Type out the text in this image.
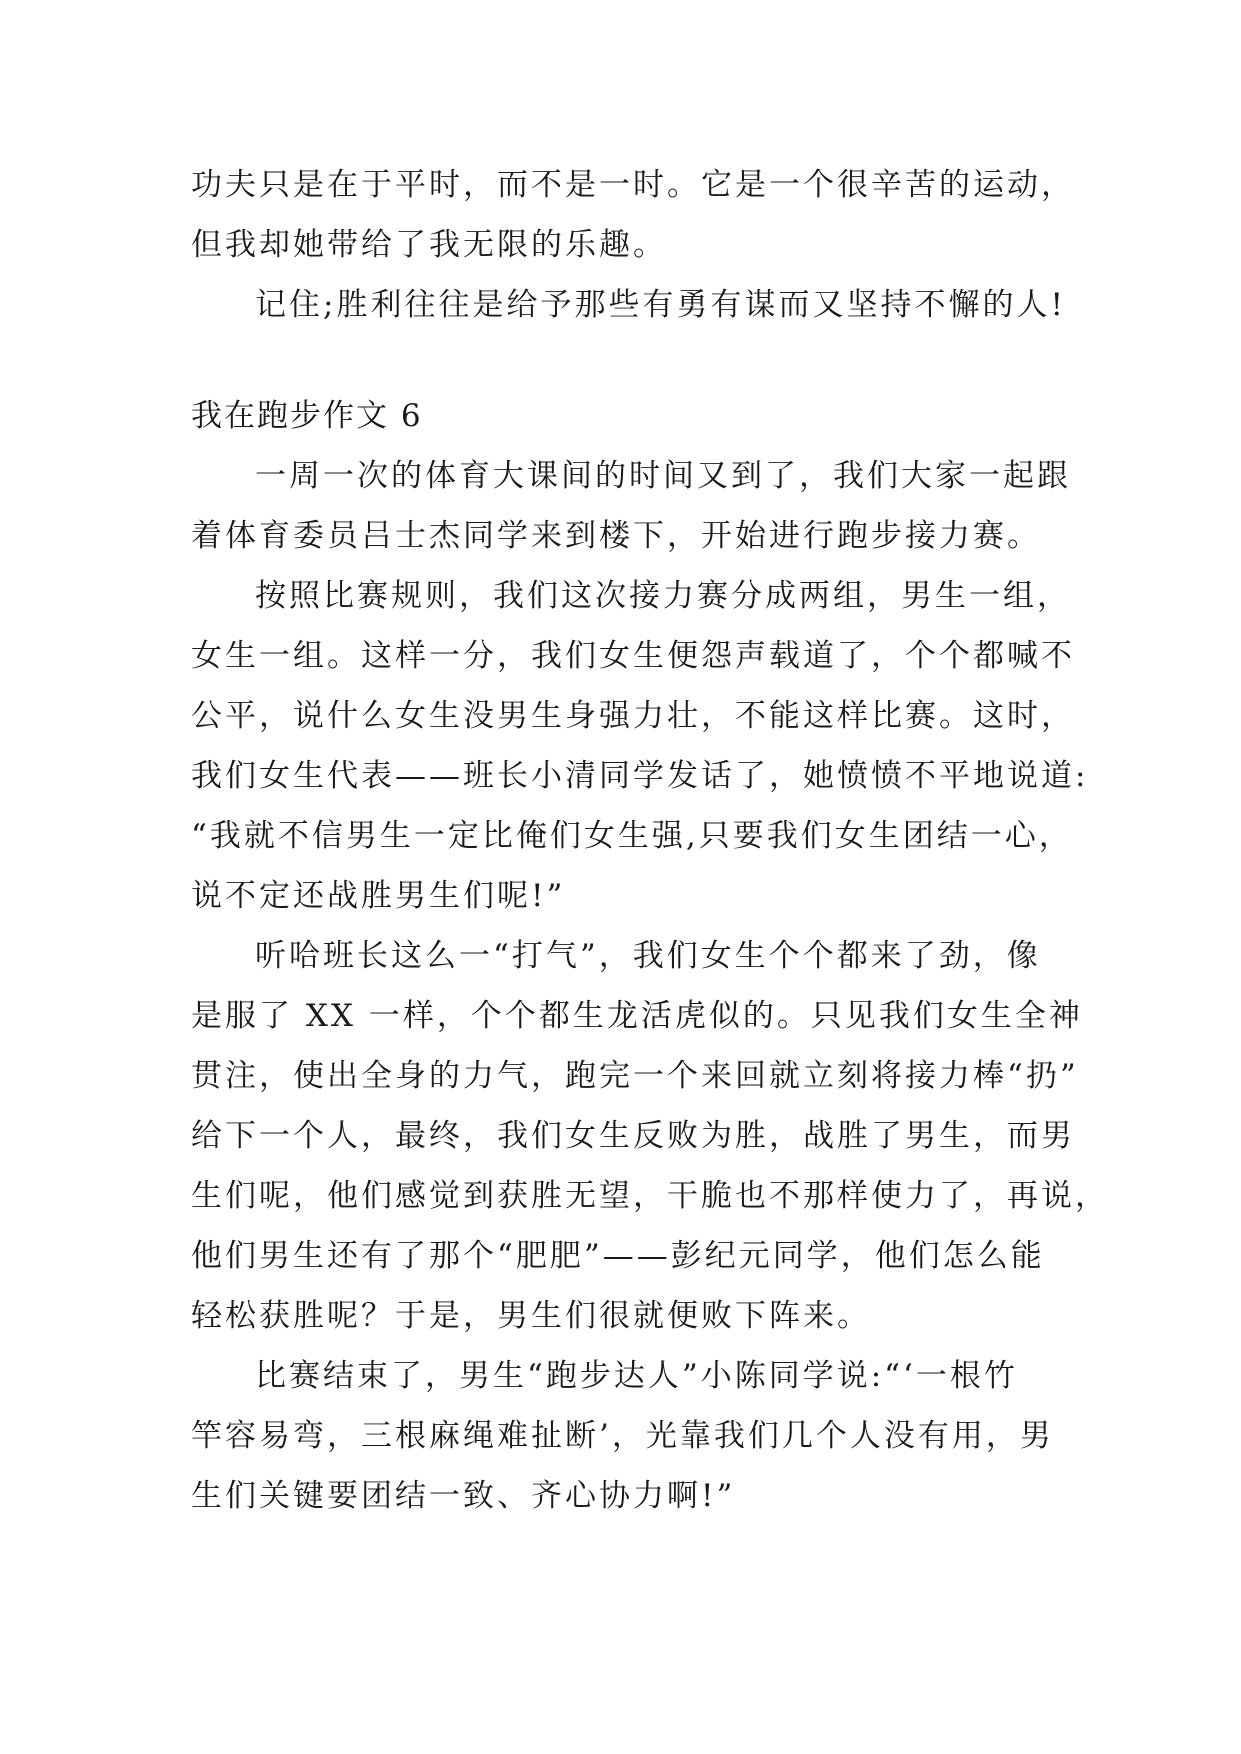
功夫只是在于平时，而不是一时。它是一个很辛苦的运动，
但我却她带给了我无限的乐趣。
记住;胜利往往是给予那些有勇有谋而又坚持不懈的人!
我在跑步作文 6
一周一次的体育大课间的时间又到了，我们大家一起跟
着体育委员吕士杰同学来到楼下，开始进行跑步接力赛。
按照比赛规则，我们这次接力赛分成两组，男生一组，
女生一组。这样一分，我们女生便怨声载道了，个个都喊不
公平，说什么女生没男生身强力壮，不能这样比赛。这时，
我们女生代表——班长小清同学发话了，她愤愤不平地说道:
“我就不信男生一定比俺们女生强,只要我们女生团结一心，
说不定还战胜男生们呢!”
听哈班长这么一“打气”，我们女生个个都来了劲，像
是服了 XX 一样，个个都生龙活虎似的。只见我们女生全神
贯注，使出全身的力气，跑完一个来回就立刻将接力棒“扔”
给下一个人，最终，我们女生反败为胜，战胜了男生，而男
生们呢，他们感觉到获胜无望，干脆也不那样使力了，再说，
他们男生还有了那个“肥肥”——彭纪元同学，他们怎么能
轻松获胜呢？于是，男生们很就便败下阵来。
比赛结束了，男生“跑步达人”小陈同学说:“‘一根竹
竿容易弯，三根麻绳难扯断’，光靠我们几个人没有用，男
生们关键要团结一致、齐心协力啊!”
